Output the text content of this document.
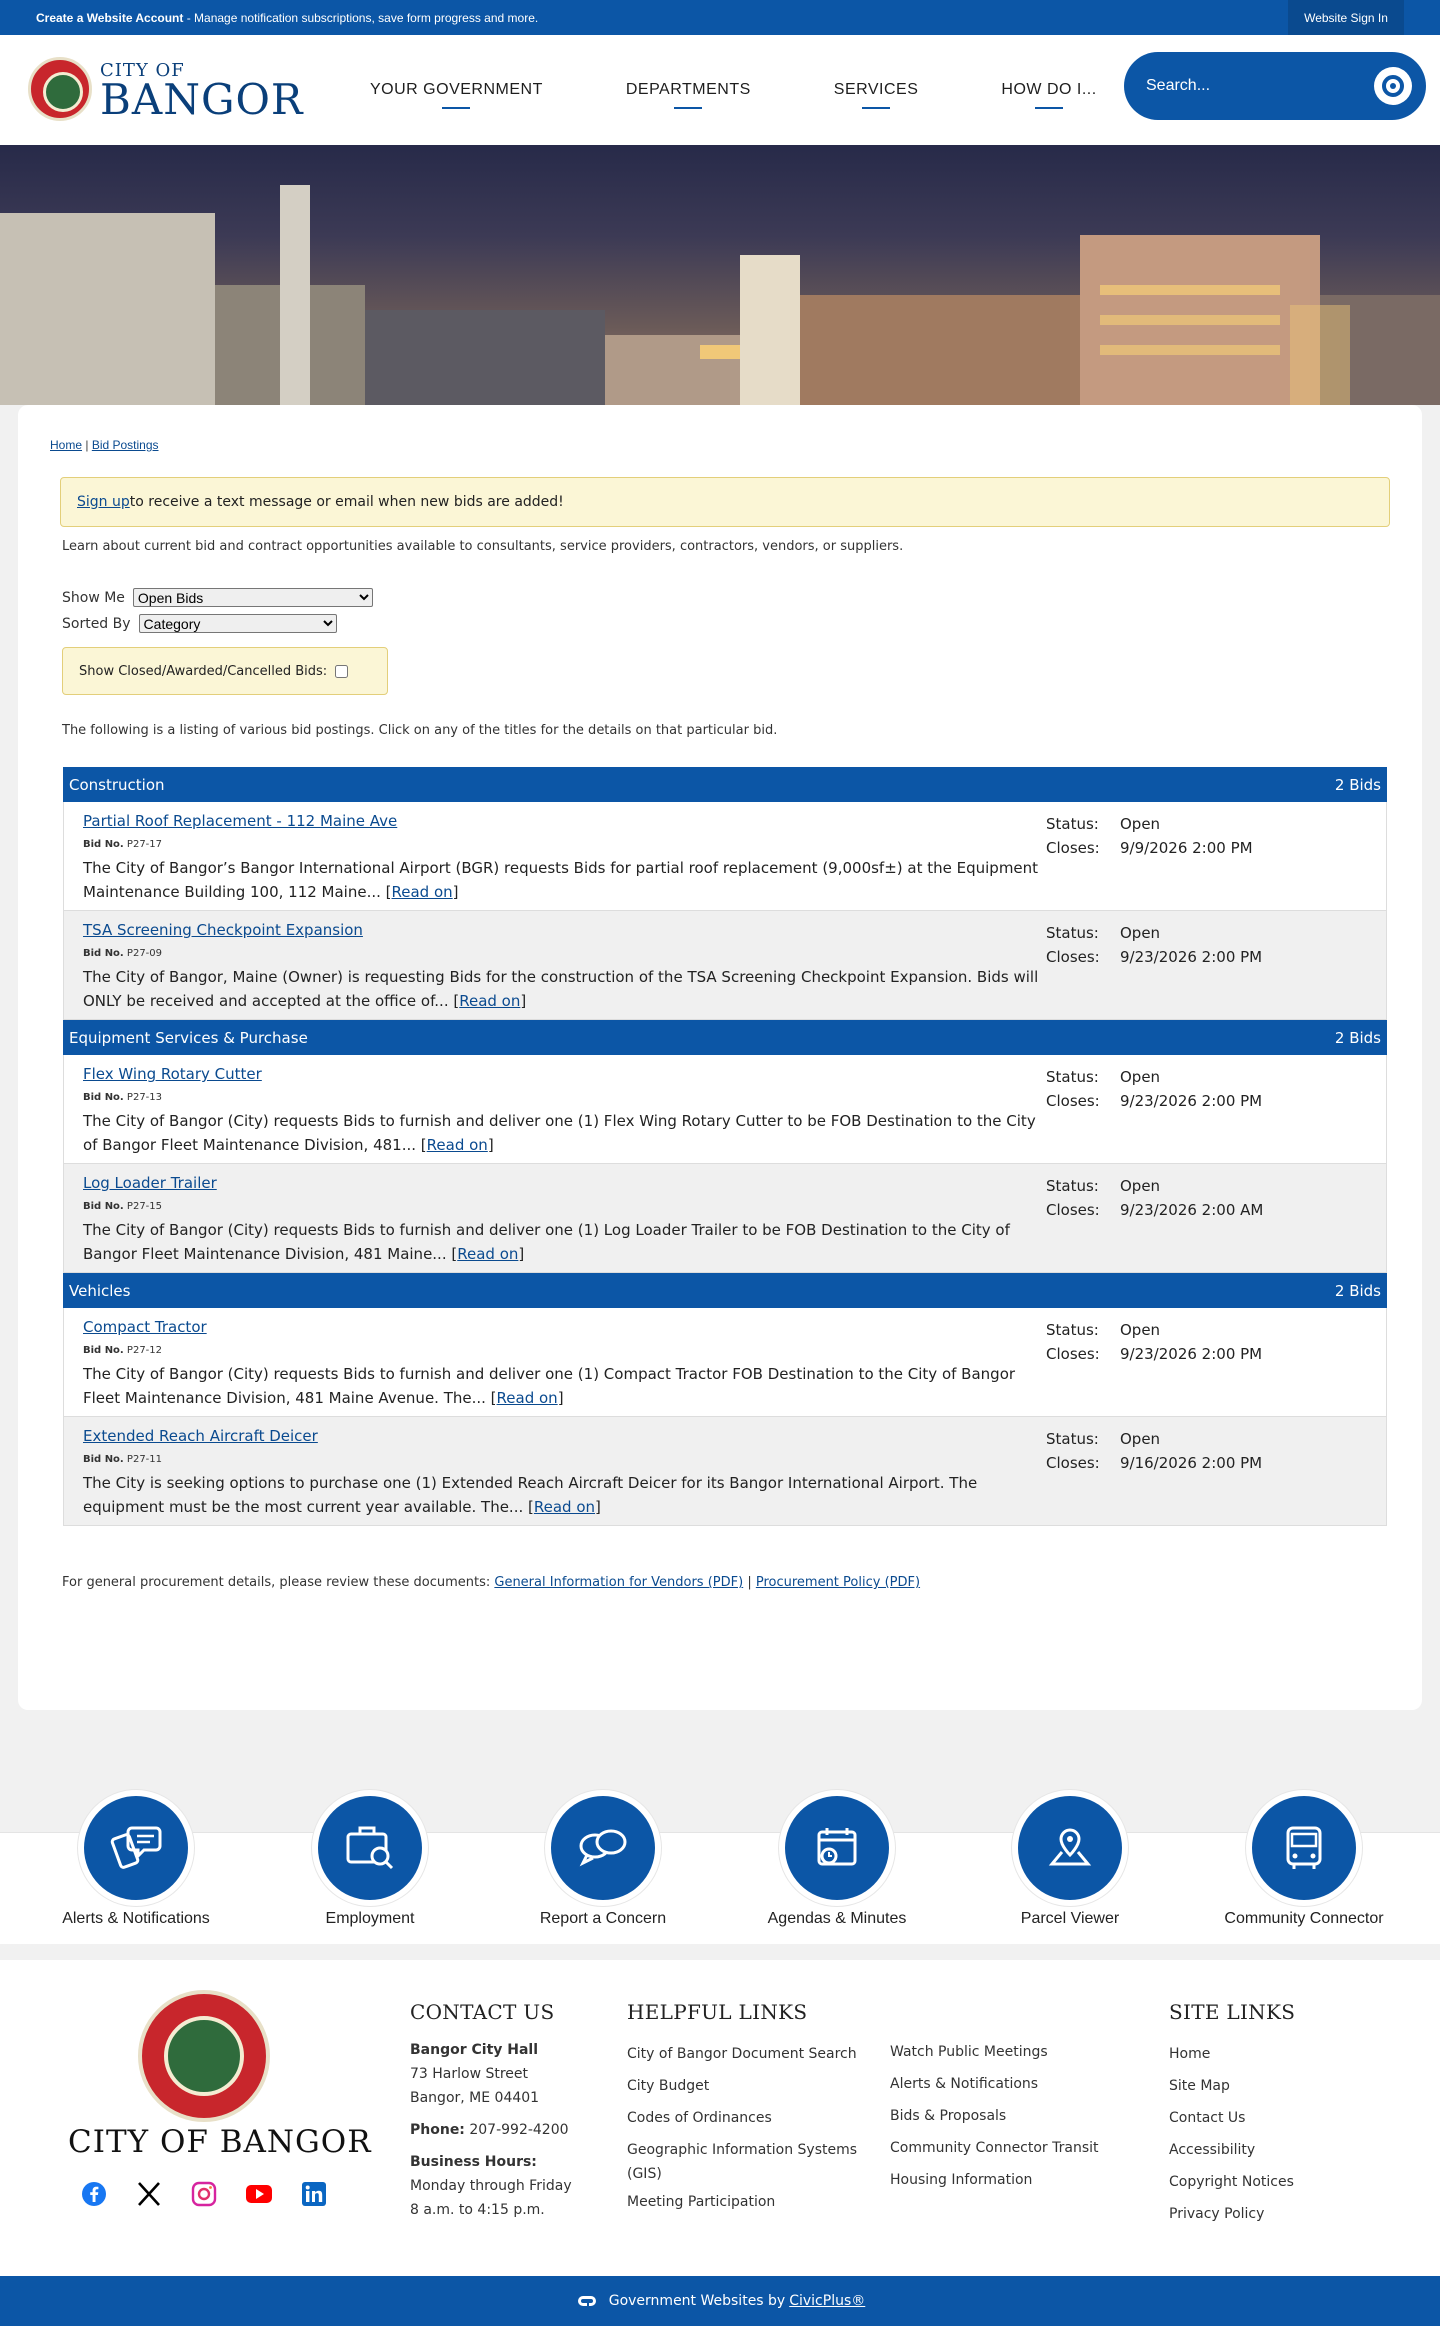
Create a Website Account - Manage notification subscriptions, save form progress and more.	Website Sign In
CITY OF
BANGOR	YOUR GOVERNMENT	DEPARTMENTS	SERVICES	HOW DO I...
Search...
Home | Bid Postings
Sign up to receive a text message or email when new bids are added!
Learn about current bid and contract opportunities available to consultants, service providers, contractors, vendors, or suppliers.
Show Me
Open Bids
Sorted By
Category
Show Closed/Awarded/Cancelled Bids:
The following is a listing of various bid postings. Click on any of the titles for the details on that particular bid.
Construction	2 Bids
Partial Roof Replacement - 112 Maine Ave
Bid No. P27-17
The City of Bangor’s Bangor International Airport (BGR) requests Bids for partial roof replacement (9,000sf±) at the Equipment Maintenance Building 100, 112 Maine... [Read on]
Status: Open
Closes: 9/9/2026 2:00 PM
TSA Screening Checkpoint Expansion
Bid No. P27-09
The City of Bangor, Maine (Owner) is requesting Bids for the construction of the TSA Screening Checkpoint Expansion. Bids will ONLY be received and accepted at the office of... [Read on]
Status: Open
Closes: 9/23/2026 2:00 PM
Equipment Services & Purchase	2 Bids
Flex Wing Rotary Cutter
Bid No. P27-13
The City of Bangor (City) requests Bids to furnish and deliver one (1) Flex Wing Rotary Cutter to be FOB Destination to the City of Bangor Fleet Maintenance Division, 481... [Read on]
Status: Open
Closes: 9/23/2026 2:00 PM
Log Loader Trailer
Bid No. P27-15
The City of Bangor (City) requests Bids to furnish and deliver one (1) Log Loader Trailer to be FOB Destination to the City of Bangor Fleet Maintenance Division, 481 Maine... [Read on]
Status: Open
Closes: 9/23/2026 2:00 AM
Vehicles	2 Bids
Compact Tractor
Bid No. P27-12
The City of Bangor (City) requests Bids to furnish and deliver one (1) Compact Tractor FOB Destination to the City of Bangor Fleet Maintenance Division, 481 Maine Avenue. The... [Read on]
Status: Open
Closes: 9/23/2026 2:00 PM
Extended Reach Aircraft Deicer
Bid No. P27-11
The City is seeking options to purchase one (1) Extended Reach Aircraft Deicer for its Bangor International Airport. The equipment must be the most current year available. The... [Read on]
Status: Open
Closes: 9/16/2026 2:00 PM
For general procurement details, please review these documents: General Information for Vendors (PDF) | Procurement Policy (PDF)
Alerts & Notifications	Employment	Report a Concern	Agendas & Minutes	Parcel Viewer	Community Connector
CITY OF BANGOR
CONTACT US
Bangor City Hall
73 Harlow Street
Bangor, ME 04401
Phone: 207-992-4200
Business Hours:
Monday through Friday
8 a.m. to 4:15 p.m.
HELPFUL LINKS
City of Bangor Document Search
City Budget
Codes of Ordinances
Geographic Information Systems
(GIS)
Meeting Participation
Watch Public Meetings
Alerts & Notifications
Bids & Proposals
Community Connector Transit
Housing Information
SITE LINKS
Home
Site Map
Contact Us
Accessibility
Copyright Notices
Privacy Policy
Government Websites by CivicPlus®
